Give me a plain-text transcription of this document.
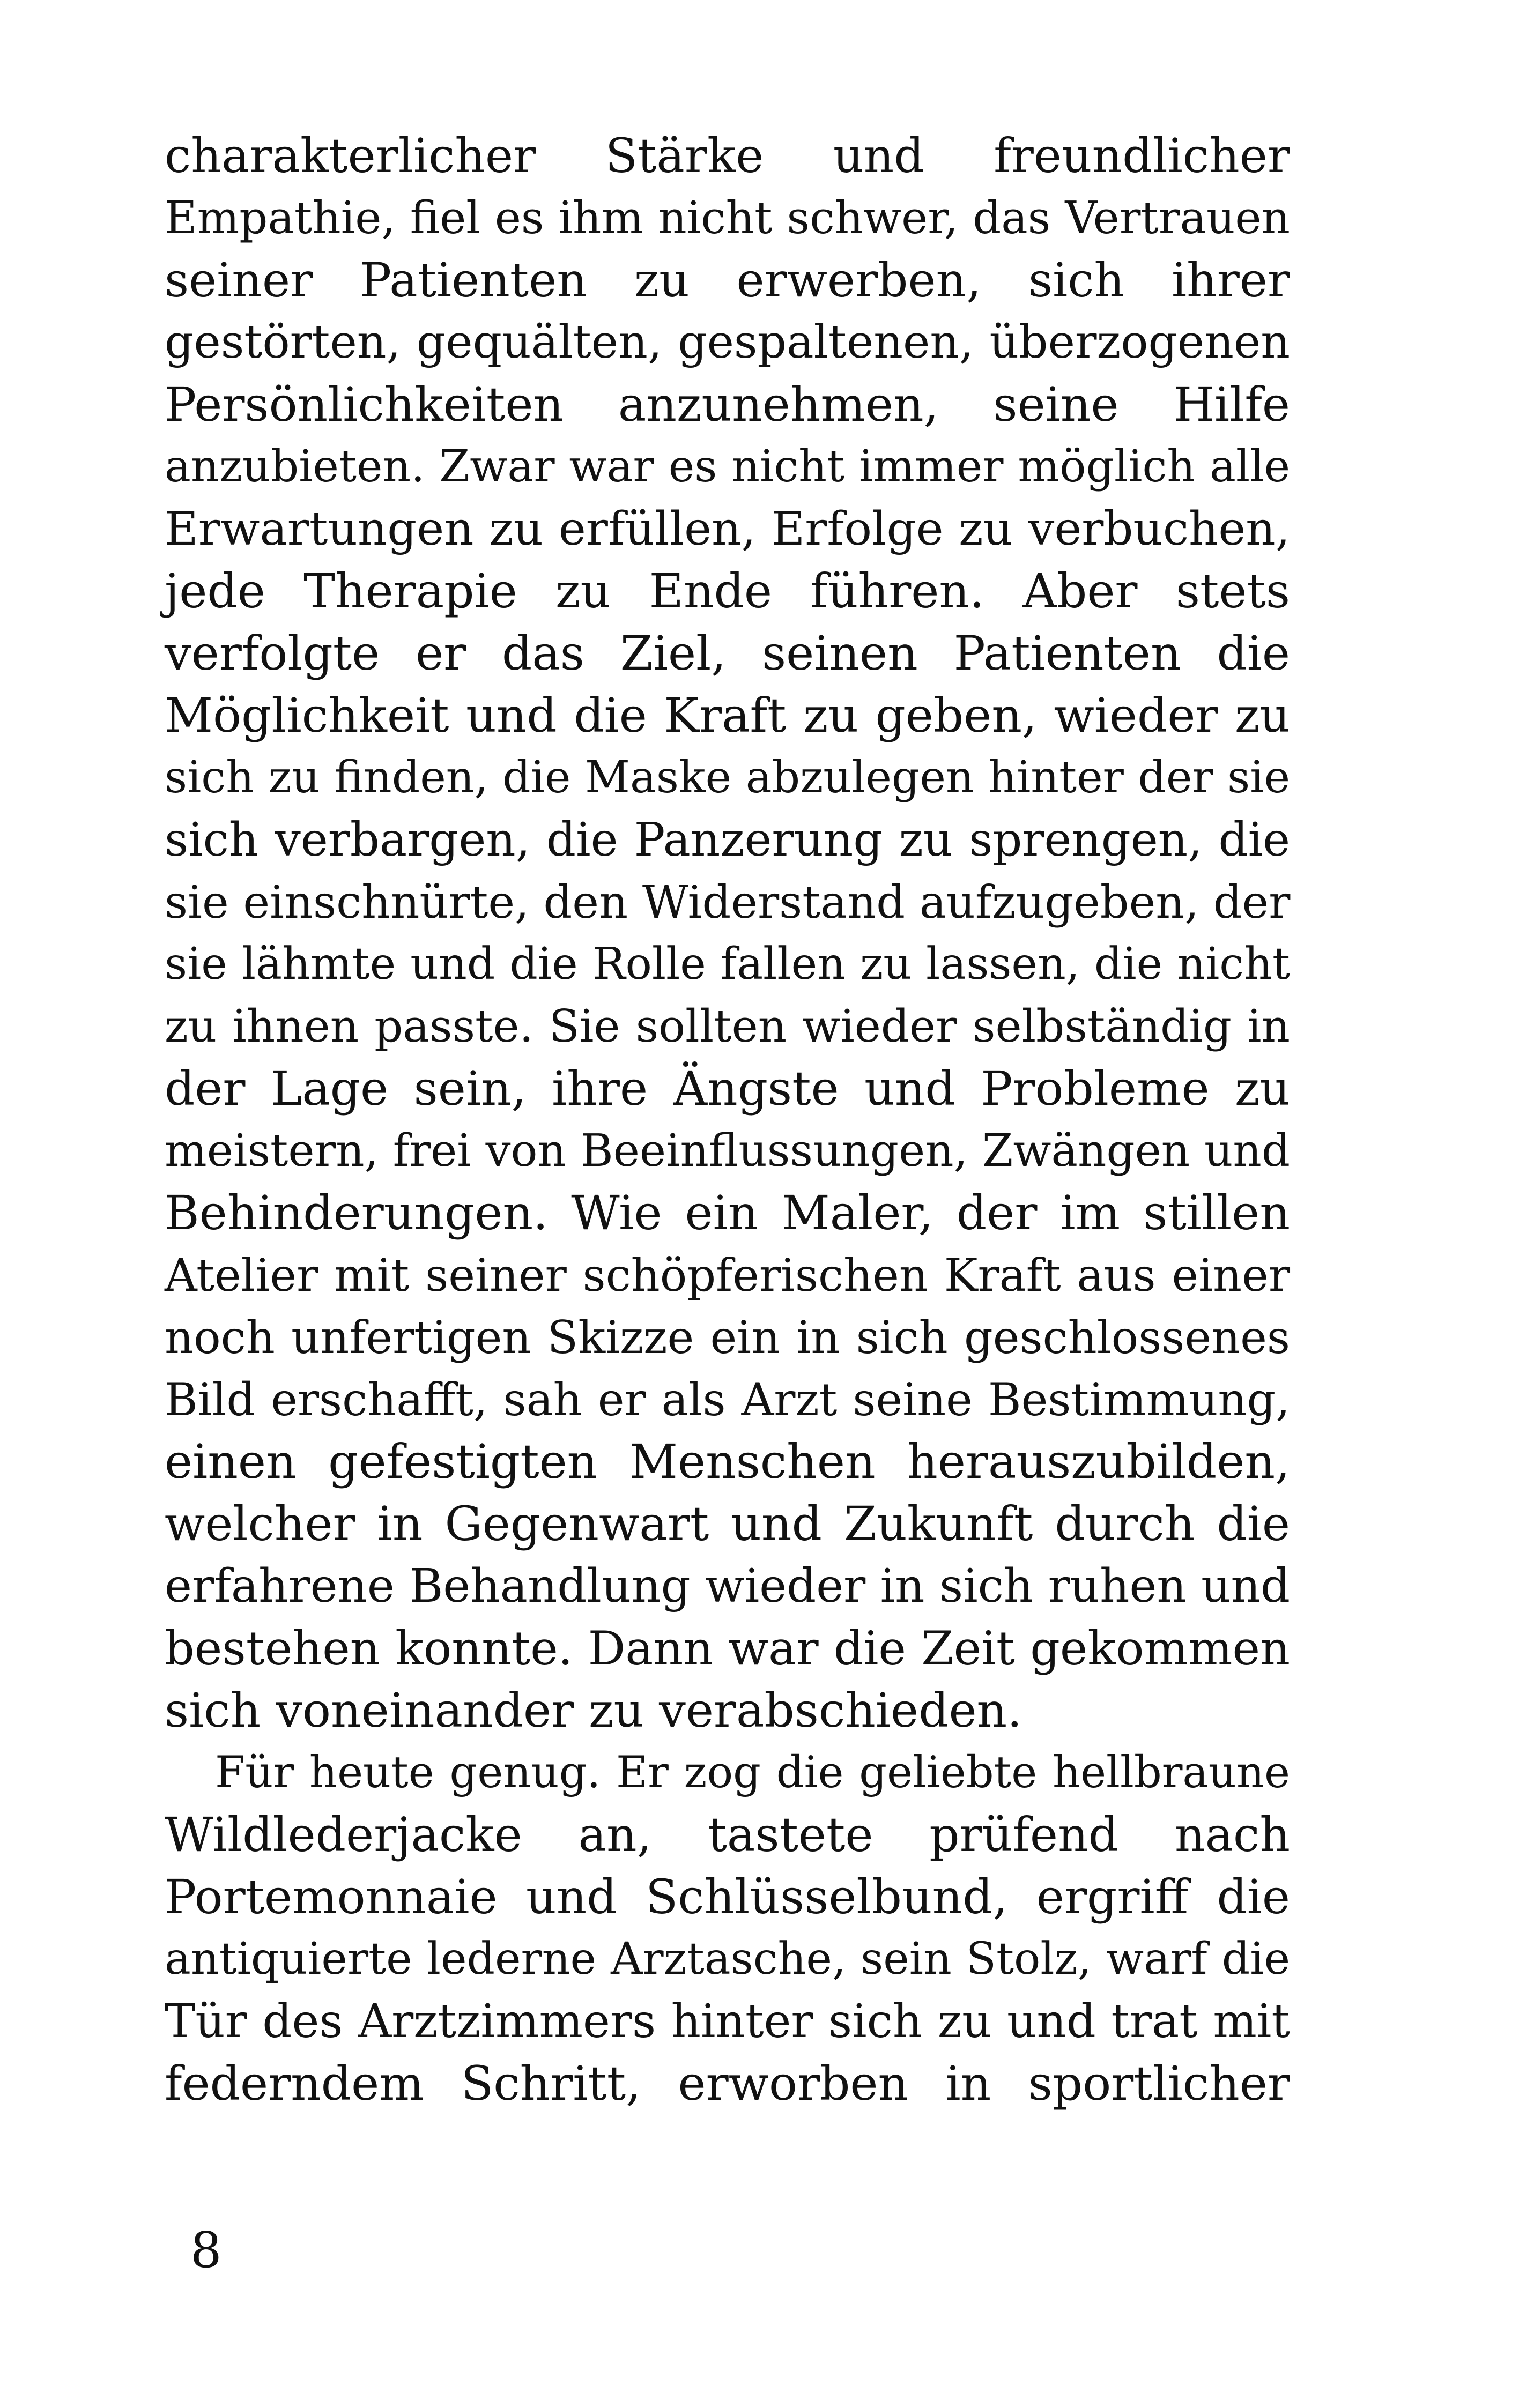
charakterlicher Stärke und freundlicher
Empathie, fiel es ihm nicht schwer, das Vertrauen
seiner Patienten zu erwerben, sich ihrer
gestörten, gequälten, gespaltenen, überzogenen
Persönlichkeiten anzunehmen, seine Hilfe
anzubieten. Zwar war es nicht immer möglich alle
Erwartungen zu erfüllen, Erfolge zu verbuchen,
jede Therapie zu Ende führen. Aber stets
verfolgte er das Ziel, seinen Patienten die
Möglichkeit und die Kraft zu geben, wieder zu
sich zu finden, die Maske abzulegen hinter der sie
sich verbargen, die Panzerung zu sprengen, die
sie einschnürte, den Widerstand aufzugeben, der
sie lähmte und die Rolle fallen zu lassen, die nicht
zu ihnen passte. Sie sollten wieder selbständig in
der Lage sein, ihre Ängste und Probleme zu
meistern, frei von Beeinflussungen, Zwängen und
Behinderungen. Wie ein Maler, der im stillen
Atelier mit seiner schöpferischen Kraft aus einer
noch unfertigen Skizze ein in sich geschlossenes
Bild erschafft, sah er als Arzt seine Bestimmung,
einen gefestigten Menschen herauszubilden,
welcher in Gegenwart und Zukunft durch die
erfahrene Behandlung wieder in sich ruhen und
bestehen konnte. Dann war die Zeit gekommen
sich voneinander zu verabschieden.
Für heute genug. Er zog die geliebte hellbraune
Wildlederjacke an, tastete prüfend nach
Portemonnaie und Schlüsselbund, ergriff die
antiquierte lederne Arztasche, sein Stolz, warf die
Tür des Arztzimmers hinter sich zu und trat mit
federndem Schritt, erworben in sportlicher
8
